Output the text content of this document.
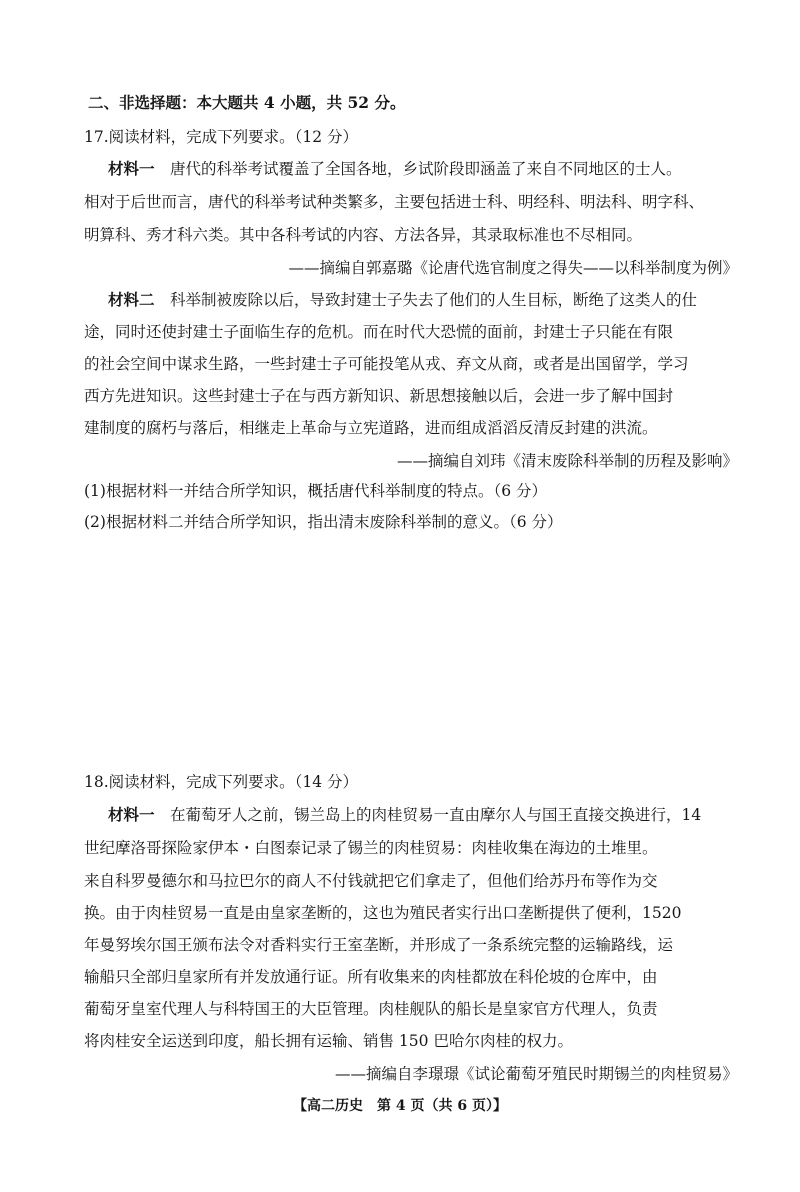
二、非选择题：本大题共 4 小题，共 52 分。
17.阅读材料，完成下列要求。（12 分）
材料一　 唐代的科举考试覆盖了全国各地，乡试阶段即涵盖了来自不同地区的士人。
相对于后世而言，唐代的科举考试种类繁多，主要包括进士科、明经科、明法科、明字科、
明算科、秀才科六类。其中各科考试的内容、方法各异，其录取标准也不尽相同。
——摘编自郭嘉璐《论唐代选官制度之得失——以科举制度为例》
材料二　 科举制被废除以后，导致封建士子失去了他们的人生目标，断绝了这类人的仕
途，同时还使封建士子面临生存的危机。而在时代大恐慌的面前，封建士子只能在有限
的社会空间中谋求生路，一些封建士子可能投笔从戎、弃文从商，或者是出国留学，学习
西方先进知识。这些封建士子在与西方新知识、新思想接触以后，会进一步了解中国封
建制度的腐朽与落后，相继走上革命与立宪道路，进而组成滔滔反清反封建的洪流。
——摘编自刘玮《清末废除科举制的历程及影响》
(1)根据材料一并结合所学知识，概括唐代科举制度的特点。（6 分）
(2)根据材料二并结合所学知识，指出清末废除科举制的意义。（6 分）
18.阅读材料，完成下列要求。（14 分）
材料一　 在葡萄牙人之前，锡兰岛上的肉桂贸易一直由摩尔人与国王直接交换进行，14
世纪摩洛哥探险家伊本・白图泰记录了锡兰的肉桂贸易：肉桂收集在海边的土堆里。
来自科罗曼德尔和马拉巴尔的商人不付钱就把它们拿走了，但他们给苏丹布等作为交
换。由于肉桂贸易一直是由皇家垄断的，这也为殖民者实行出口垄断提供了便利，1520
年曼努埃尔国王颁布法令对香料实行王室垄断，并形成了一条系统完整的运输路线，运
输船只全部归皇家所有并发放通行证。所有收集来的肉桂都放在科伦坡的仓库中，由
葡萄牙皇室代理人与科特国王的大臣管理。肉桂舰队的船长是皇家官方代理人，负责
将肉桂安全运送到印度，船长拥有运输、销售 150 巴哈尔肉桂的权力。
——摘编自李璟璟《试论葡萄牙殖民时期锡兰的肉桂贸易》
【高二历史　第 4 页（共 6 页）】
